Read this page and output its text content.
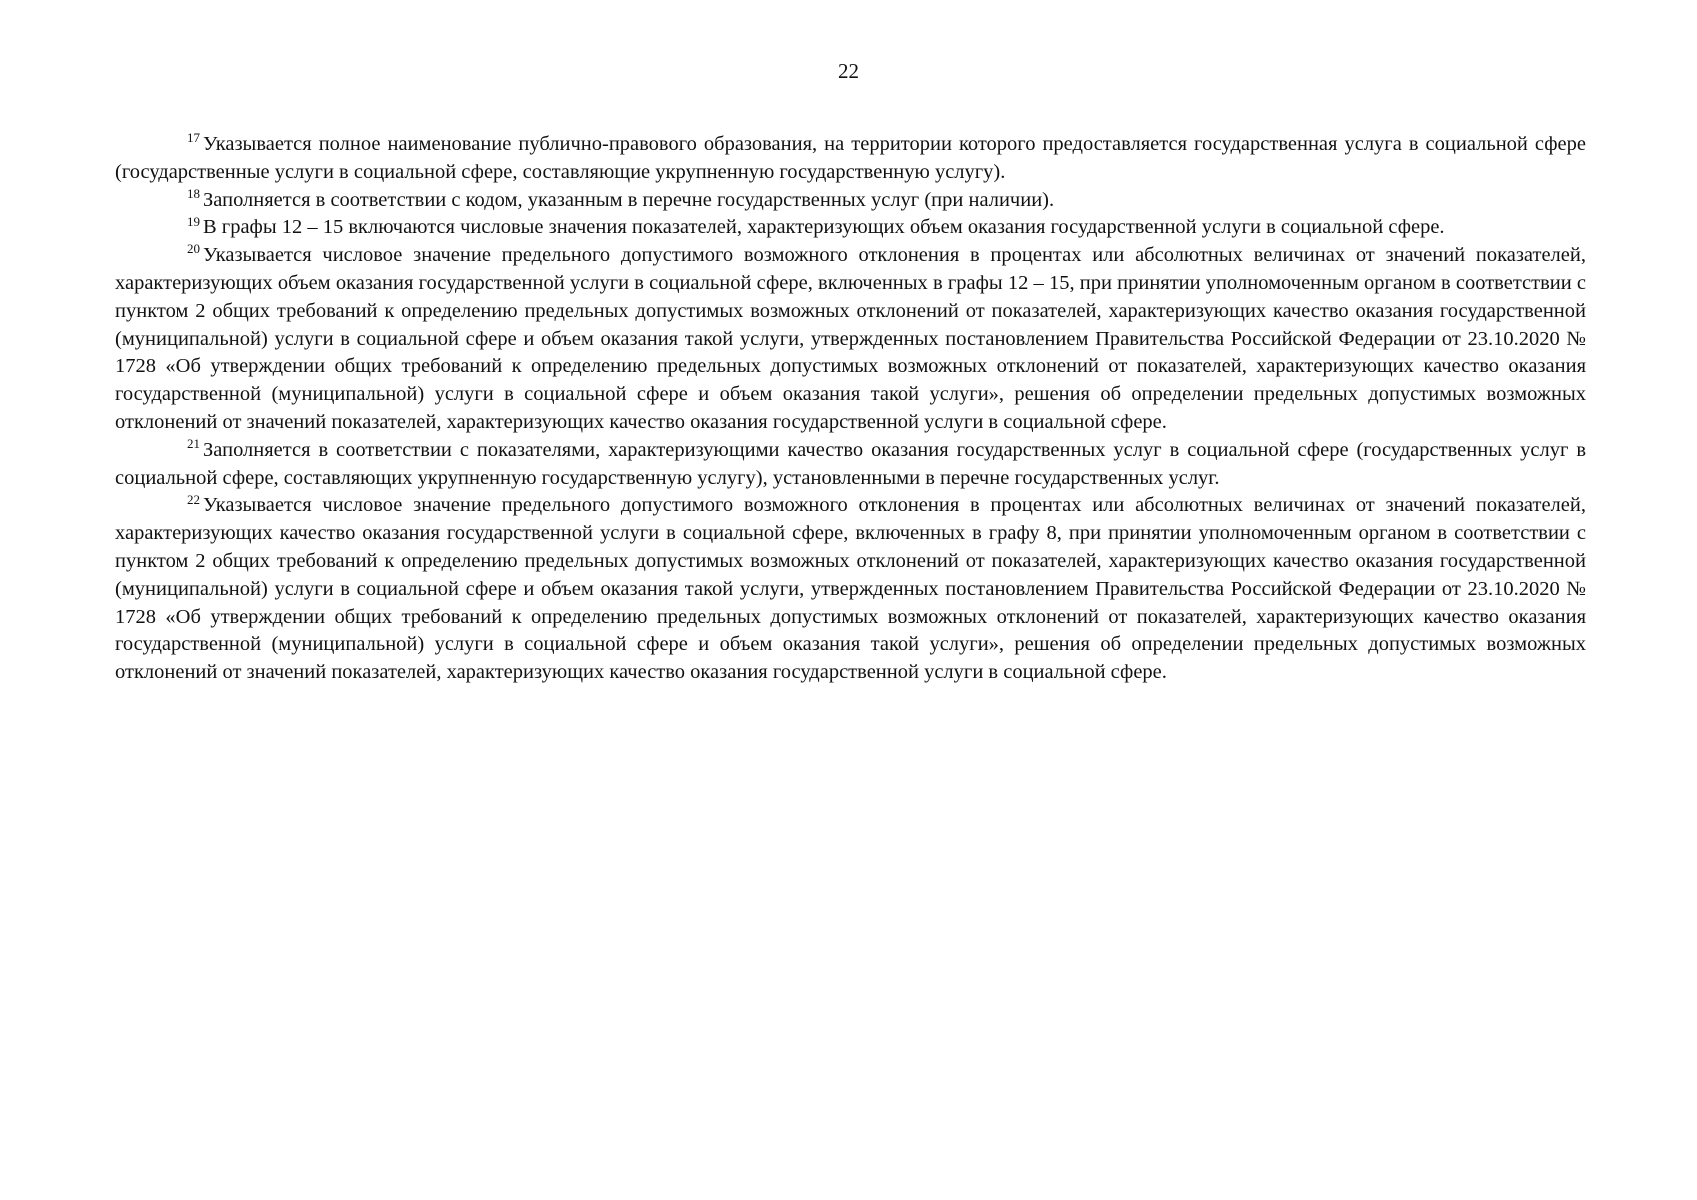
22

$^{17}$ Указывается полное наименование публично-правового образования, на территории которого предоставляется государственная услуга в социальной сфере (государственные услуги в социальной сфере, составляющие укрупненную государственную услугу).

$^{18}$ Заполняется в соответствии с кодом, указанным в перечне государственных услуг (при наличии).

$^{19}$ В графы 12 – 15 включаются числовые значения показателей, характеризующих объем оказания государственной услуги в социальной сфере.

$^{20}$ Указывается числовое значение предельного допустимого возможного отклонения в процентах или абсолютных величинах от значений показателей, характеризующих объем оказания государственной услуги в социальной сфере, включенных в графы 12 – 15, при принятии уполномоченным органом в соответствии с пунктом 2 общих требований к определению предельных допустимых возможных отклонений от показателей, характеризующих качество оказания государственной (муниципальной) услуги в социальной сфере и объем оказания такой услуги, утвержденных постановлением Правительства Российской Федерации от 23.10.2020 № 1728 «Об утверждении общих требований к определению предельных допустимых возможных отклонений от показателей, характеризующих качество оказания государственной (муниципальной) услуги в социальной сфере и объем оказания такой услуги», решения об определении предельных допустимых возможных отклонений от значений показателей, характеризующих качество оказания государственной услуги в социальной сфере.

$^{21}$ Заполняется в соответствии с показателями, характеризующими качество оказания государственных услуг в социальной сфере (государственных услуг в социальной сфере, составляющих укрупненную государственную услугу), установленными в перечне государственных услуг.

$^{22}$ Указывается числовое значение предельного допустимого возможного отклонения в процентах или абсолютных величинах от значений показателей, характеризующих качество оказания государственной услуги в социальной сфере, включенных в графу 8, при принятии уполномоченным органом в соответствии с пунктом 2 общих требований к определению предельных допустимых возможных отклонений от показателей, характеризующих качество оказания государственной (муниципальной) услуги в социальной сфере и объем оказания такой услуги, утвержденных постановлением Правительства Российской Федерации от 23.10.2020 № 1728 «Об утверждении общих требований к определению предельных допустимых возможных отклонений от показателей, характеризующих качество оказания государственной (муниципальной) услуги в социальной сфере и объем оказания такой услуги», решения об определении предельных допустимых возможных отклонений от значений показателей, характеризующих качество оказания государственной услуги в социальной сфере.
